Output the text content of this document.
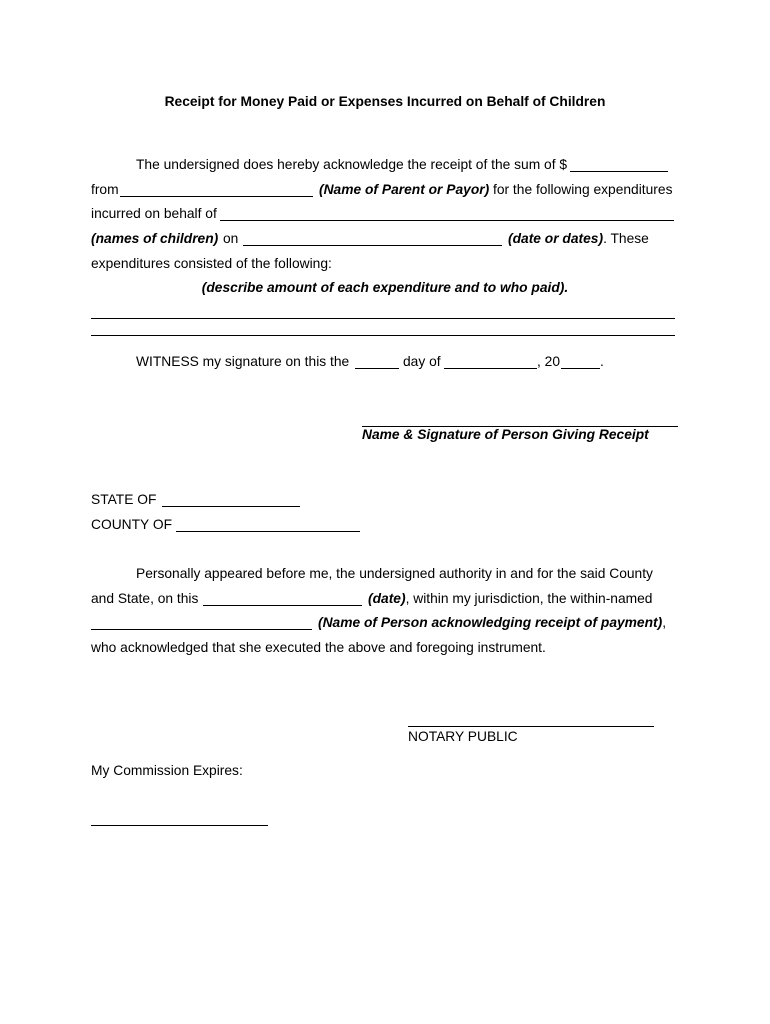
Receipt for Money Paid or Expenses Incurred on Behalf of Children
The undersigned does hereby acknowledge the receipt of the sum of $
from	(Name of Parent or Payor) for the following expenditures
incurred on behalf of
(names of children) on	(date or dates). These
expenditures consisted of the following:
(describe amount of each expenditure and to who paid).
WITNESS my signature on this the	day of	, 20	.
Name & Signature of Person Giving Receipt
STATE OF
COUNTY OF
Personally appeared before me, the undersigned authority in and for the said County
and State, on this	(date), within my jurisdiction, the within-named
(Name of Person acknowledging receipt of payment),
who acknowledged that she executed the above and foregoing instrument.
NOTARY PUBLIC
My Commission Expires:
